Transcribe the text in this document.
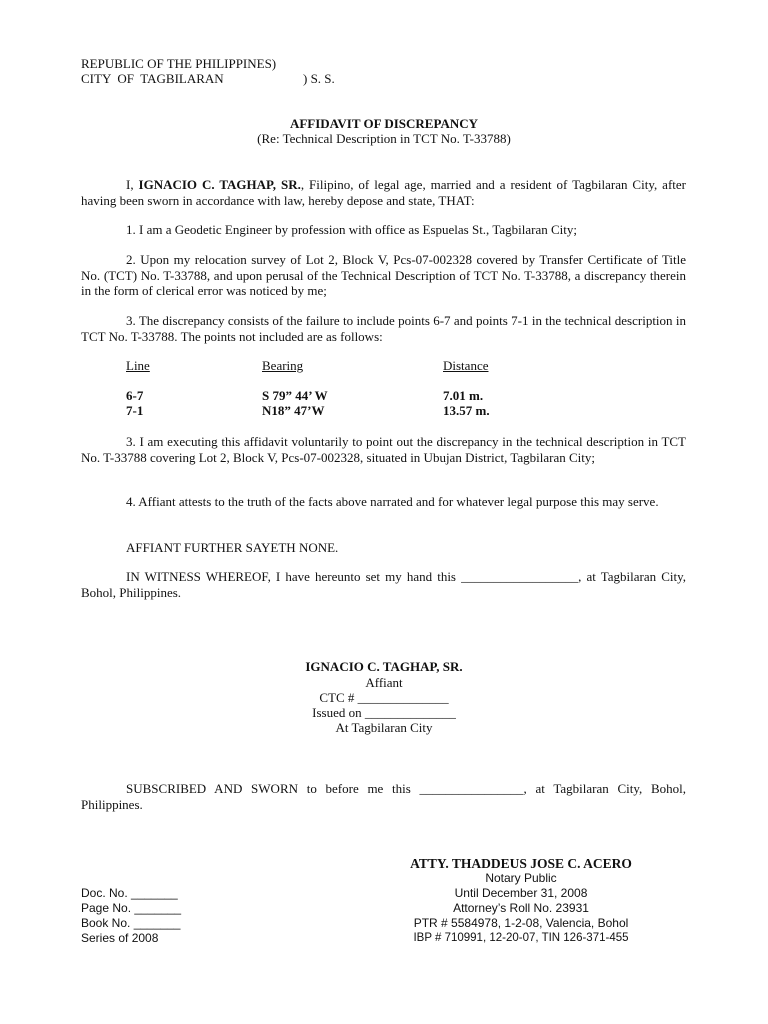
REPUBLIC OF THE PHILIPPINES)
CITY  OF  TAGBILARAN	) S. S.
AFFIDAVIT OF DISCREPANCY
(Re: Technical Description in TCT No. T-33788)
I, IGNACIO C. TAGHAP, SR., Filipino, of legal age, married and a resident of Tagbilaran City, after having been sworn in accordance with law, hereby depose and state, THAT:
1. I am a Geodetic Engineer by profession with office as Espuelas St., Tagbilaran City;
2. Upon my relocation survey of Lot 2, Block V, Pcs-07-002328 covered by Transfer Certificate of Title No. (TCT) No. T-33788, and upon perusal of the Technical Description of TCT No. T-33788, a discrepancy therein in the form of clerical error was noticed by me;
3. The discrepancy consists of the failure to include points 6-7 and points 7-1 in the technical description in TCT No. T-33788. The points not included are as follows:
Line	Bearing	Distance
6-7	S 79” 44’ W	7.01 m.
7-1	N18” 47’W	13.57 m.
3. I am executing this affidavit voluntarily to point out the discrepancy in the technical description in TCT No. T-33788 covering Lot 2, Block V, Pcs-07-002328, situated in Ubujan District, Tagbilaran City;
4. Affiant attests to the truth of the facts above narrated and for whatever legal purpose this may serve.
AFFIANT FURTHER SAYETH NONE.
IN WITNESS WHEREOF, I have hereunto set my hand this __________________, at Tagbilaran City, Bohol, Philippines.
IGNACIO C. TAGHAP, SR.
Affiant
CTC # ______________
Issued on ______________
At Tagbilaran City
SUBSCRIBED AND SWORN to before me this ________________, at Tagbilaran City, Bohol, Philippines.
ATTY. THADDEUS JOSE C. ACERO
Notary Public
Until December 31, 2008
Attorney’s Roll No. 23931
PTR # 5584978, 1-2-08, Valencia, Bohol
IBP # 710991, 12-20-07, TIN 126-371-455
Doc. No. _______
Page No. _______
Book No. _______
Series of 2008
